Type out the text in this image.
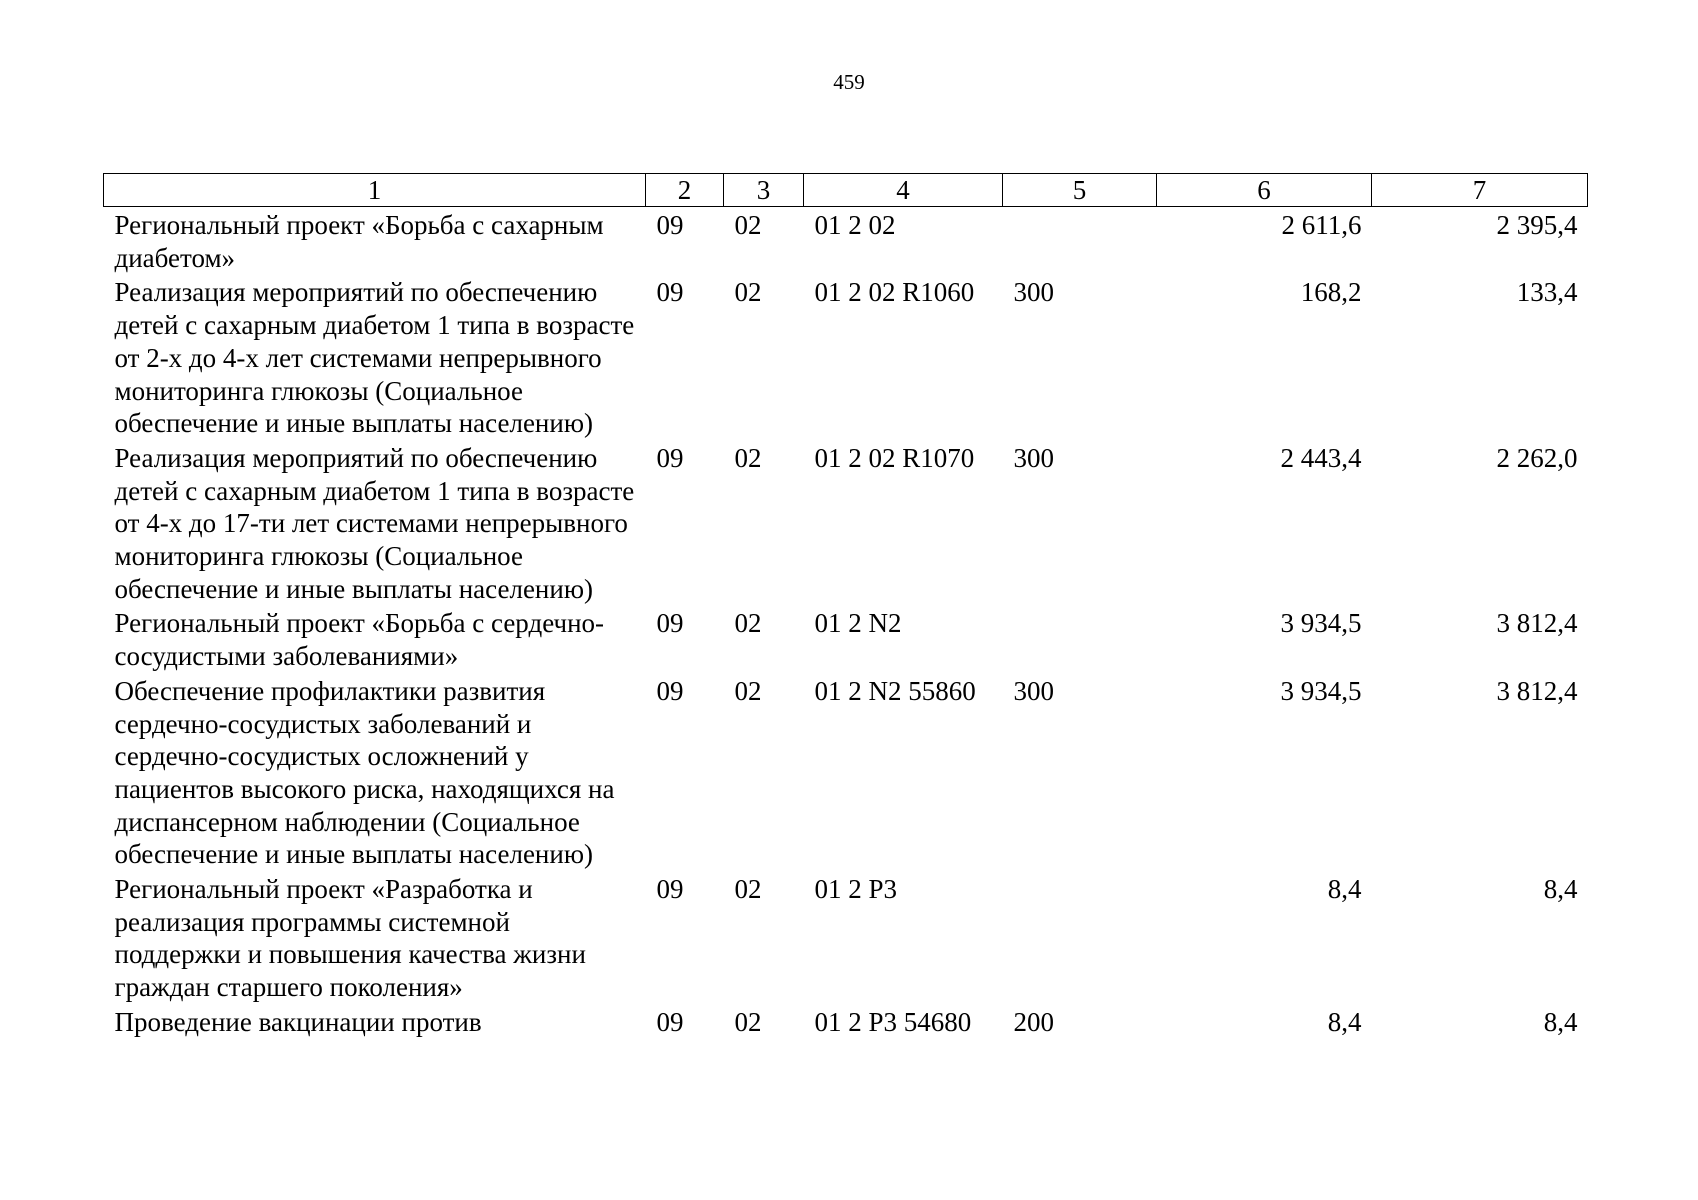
459
1	2	3	4	5	6	7
Региональный проект «Борьба с сахарным диабетом»	09	02	01 2 02		2 611,6	2 395,4
Реализация мероприятий по обеспечению детей с сахарным диабетом 1 типа в возрасте от 2-х до 4-х лет системами непрерывного мониторинга глюкозы (Социальное обеспечение и иные выплаты населению)	09	02	01 2 02 R1060	300	168,2	133,4
Реализация мероприятий по обеспечению детей с сахарным диабетом 1 типа в возрасте от 4-х до 17-ти лет системами непрерывного мониторинга глюкозы (Социальное обеспечение и иные выплаты населению)	09	02	01 2 02 R1070	300	2 443,4	2 262,0
Региональный проект «Борьба с сердечно-сосудистыми заболеваниями»	09	02	01 2 N2		3 934,5	3 812,4
Обеспечение профилактики развития сердечно-сосудистых заболеваний и сердечно-сосудистых осложнений у пациентов высокого риска, находящихся на диспансерном наблюдении (Социальное обеспечение и иные выплаты населению)	09	02	01 2 N2 55860	300	3 934,5	3 812,4
Региональный проект «Разработка и реализация программы системной поддержки и повышения качества жизни граждан старшего поколения»	09	02	01 2 P3		8,4	8,4
Проведение вакцинации против	09	02	01 2 P3 54680	200	8,4	8,4
